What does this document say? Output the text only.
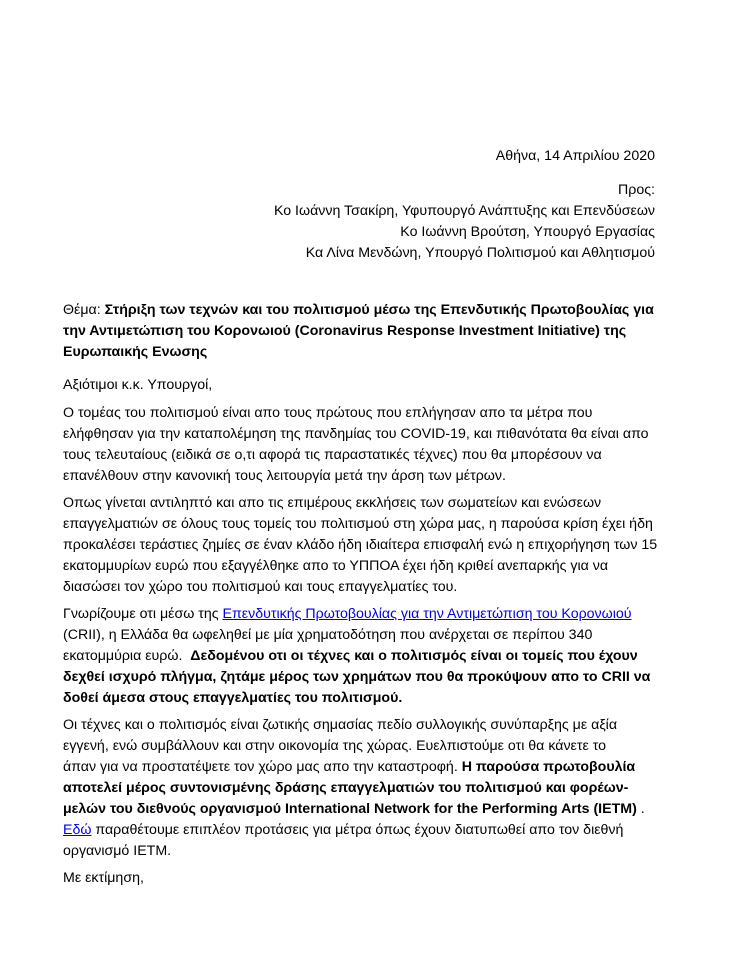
Αθήνα, 14 Απριλίου 2020
Προς:
Κο Ιωάννη Τσακίρη, Υφυπουργό Ανάπτυξης και Επενδύσεων
Κο Ιωάννη Βρούτση, Υπουργό Εργασίας
Κα Λίνα Μενδώνη, Υπουργό Πολιτισμού και Αθλητισμού
Θέμα: Στήριξη των τεχνών και του πολιτισμού μέσω της Επενδυτικής Πρωτοβουλίας για
την Αντιμετώπιση του Κορονωιού (Coronavirus Response Investment Initiative) της
Ευρωπαικής Ενωσης
Αξιότιμοι κ.κ. Υπουργοί,
Ο τομέας του πολιτισμού είναι απο τους πρώτους που επλήγησαν απο τα μέτρα που
ελήφθησαν για την καταπολέμηση της πανδημίας του COVID-19, και πιθανότατα θα είναι απο
τους τελευταίους (ειδικά σε ο,τι αφορά τις παραστατικές τέχνες) που θα μπορέσουν να
επανέλθουν στην κανονική τους λειτουργία μετά την άρση των μέτρων.
Οπως γίνεται αντιληπτό και απο τις επιμέρους εκκλήσεις των σωματείων και ενώσεων
επαγγελματιών σε όλους τους τομείς του πολιτισμού στη χώρα μας, η παρούσα κρίση έχει ήδη
προκαλέσει τεράστιες ζημίες σε έναν κλάδο ήδη ιδιαίτερα επισφαλή ενώ η επιχορήγηση των 15
εκατομμυρίων ευρώ που εξαγγέλθηκε απο το ΥΠΠΟΑ έχει ήδη κριθεί ανεπαρκής για να
διασώσει τον χώρο του πολιτισμού και τους επαγγελματίες του.
Γνωρίζουμε οτι μέσω της Επενδυτικής Πρωτοβουλίας για την Αντιμετώπιση του Κορονωιού
(CRII), η Ελλάδα θα ωφεληθεί με μία χρηματοδότηση που ανέρχεται σε περίπου 340
εκατομμύρια ευρώ.  Δεδομένου οτι οι τέχνες και ο πολιτισμός είναι οι τομείς που έχουν
δεχθεί ισχυρό πλήγμα, ζητάμε μέρος των χρημάτων που θα προκύψουν απο το CRII να
δοθεί άμεσα στους επαγγελματίες του πολιτισμού.
Οι τέχνες και ο πολιτισμός είναι ζωτικής σημασίας πεδίο συλλογικής συνύπαρξης με αξία
εγγενή, ενώ συμβάλλουν και στην οικονομία της χώρας. Ευελπιστούμε οτι θα κάνετε το
άπαν για να προστατέψετε τον χώρο μας απο την καταστροφή. Η παρούσα πρωτοβουλία
αποτελεί μέρος συντονισμένης δράσης επαγγελματιών του πολιτισμού και φορέων-
μελών του διεθνούς οργανισμού International Network for the Performing Arts (IETM) .
Εδώ παραθέτουμε επιπλέον προτάσεις για μέτρα όπως έχουν διατυπωθεί απο τον διεθνή
οργανισμό IETM.
Με εκτίμηση,
